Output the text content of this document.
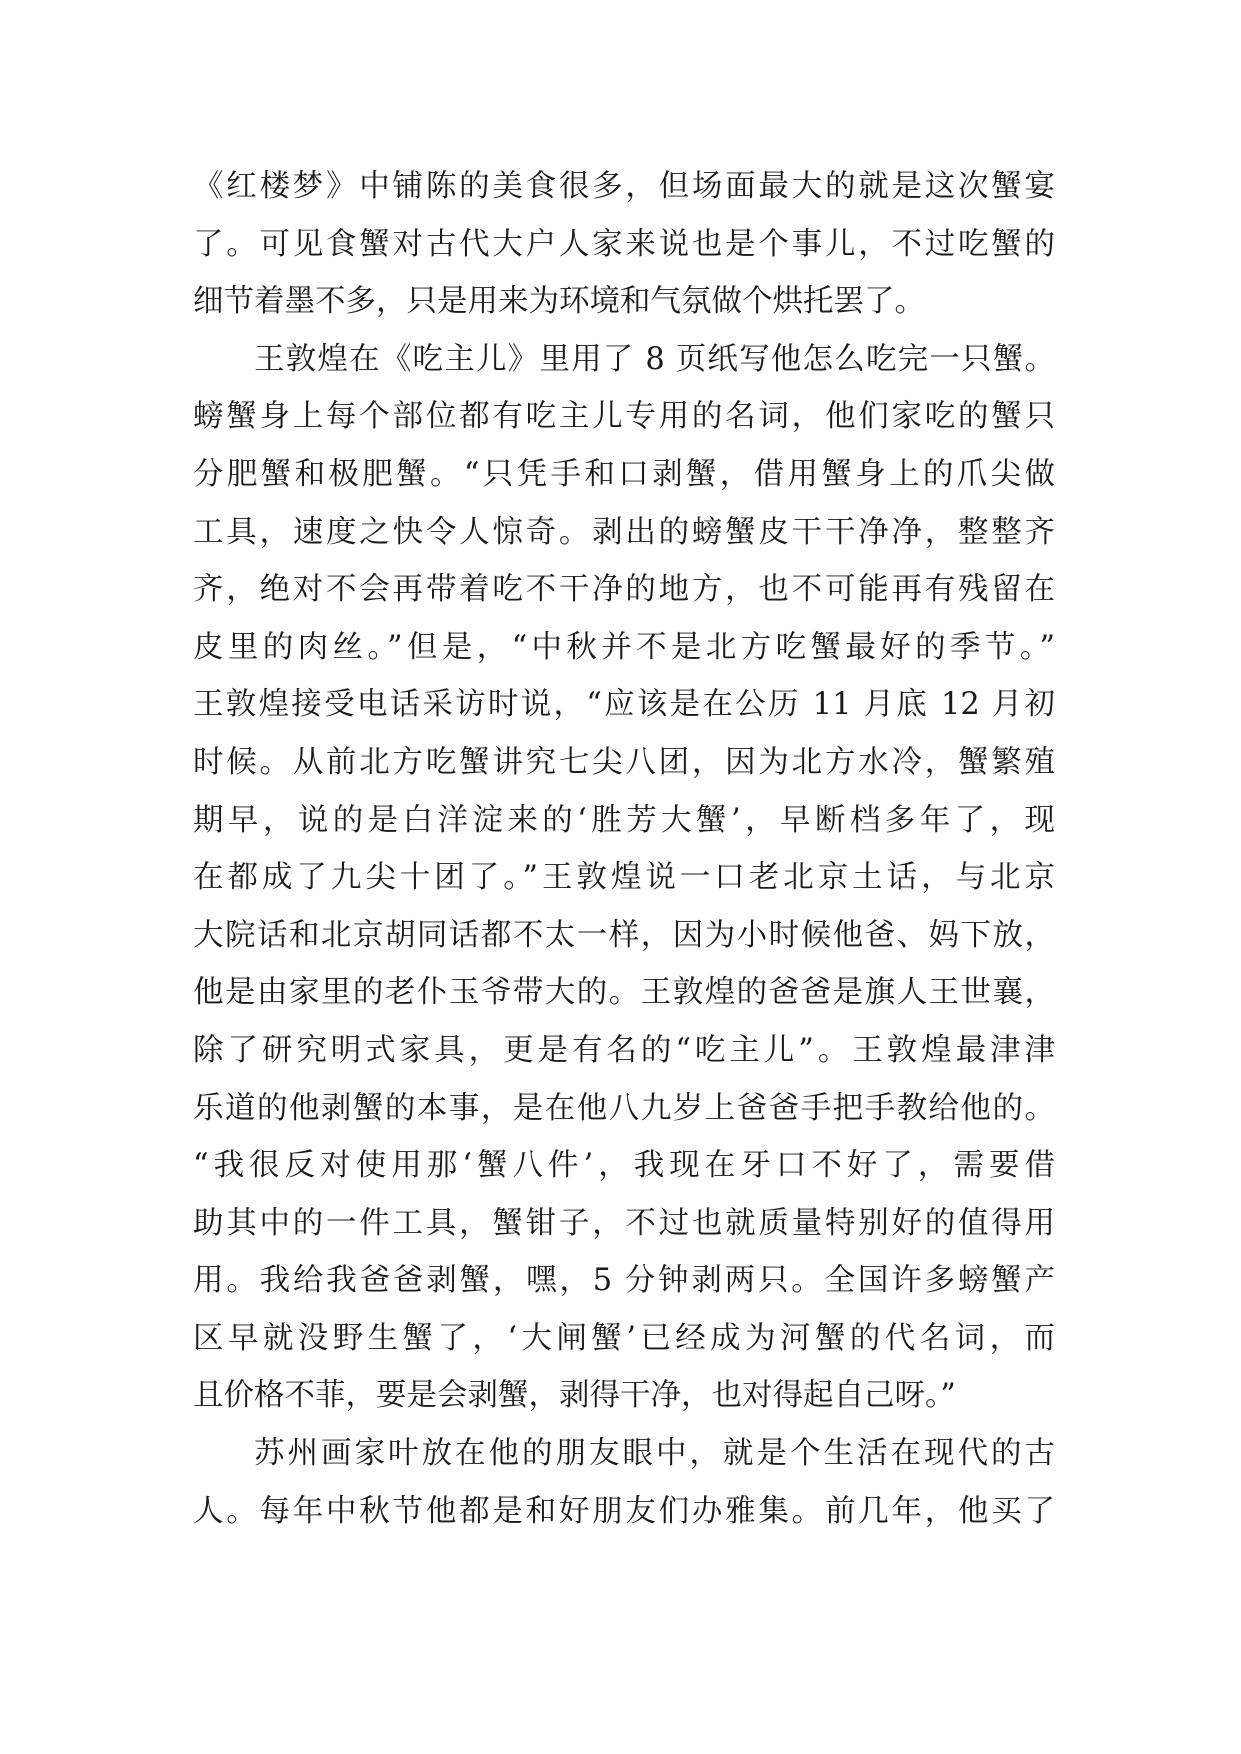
《红楼梦》中铺陈的美食很多，但场面最大的就是这次蟹宴
了。可见食蟹对古代大户人家来说也是个事儿，不过吃蟹的
细节着墨不多，只是用来为环境和气氛做个烘托罢了。
王敦煌在《吃主儿》里用了 8 页纸写他怎么吃完一只蟹。
螃蟹身上每个部位都有吃主儿专用的名词，他们家吃的蟹只
分肥蟹和极肥蟹。“只凭手和口剥蟹，借用蟹身上的爪尖做
工具，速度之快令人惊奇。剥出的螃蟹皮干干净净，整整齐
齐，绝对不会再带着吃不干净的地方，也不可能再有残留在
皮里的肉丝。”但是，“中秋并不是北方吃蟹最好的季节。”
王敦煌接受电话采访时说，“应该是在公历 11 月底 12 月初
时候。从前北方吃蟹讲究七尖八团，因为北方水冷，蟹繁殖
期早，说的是白洋淀来的‘胜芳大蟹’，早断档多年了，现
在都成了九尖十团了。”王敦煌说一口老北京土话，与北京
大院话和北京胡同话都不太一样，因为小时候他爸、妈下放，
他是由家里的老仆玉爷带大的。王敦煌的爸爸是旗人王世襄，
除了研究明式家具，更是有名的“吃主儿”。王敦煌最津津
乐道的他剥蟹的本事，是在他八九岁上爸爸手把手教给他的。
“我很反对使用那‘蟹八件’，我现在牙口不好了，需要借
助其中的一件工具，蟹钳子，不过也就质量特别好的值得用
用。我给我爸爸剥蟹，嘿，5 分钟剥两只。全国许多螃蟹产
区早就没野生蟹了，‘大闸蟹’已经成为河蟹的代名词，而
且价格不菲，要是会剥蟹，剥得干净，也对得起自己呀。”
苏州画家叶放在他的朋友眼中，就是个生活在现代的古
人。每年中秋节他都是和好朋友们办雅集。前几年，他买了
